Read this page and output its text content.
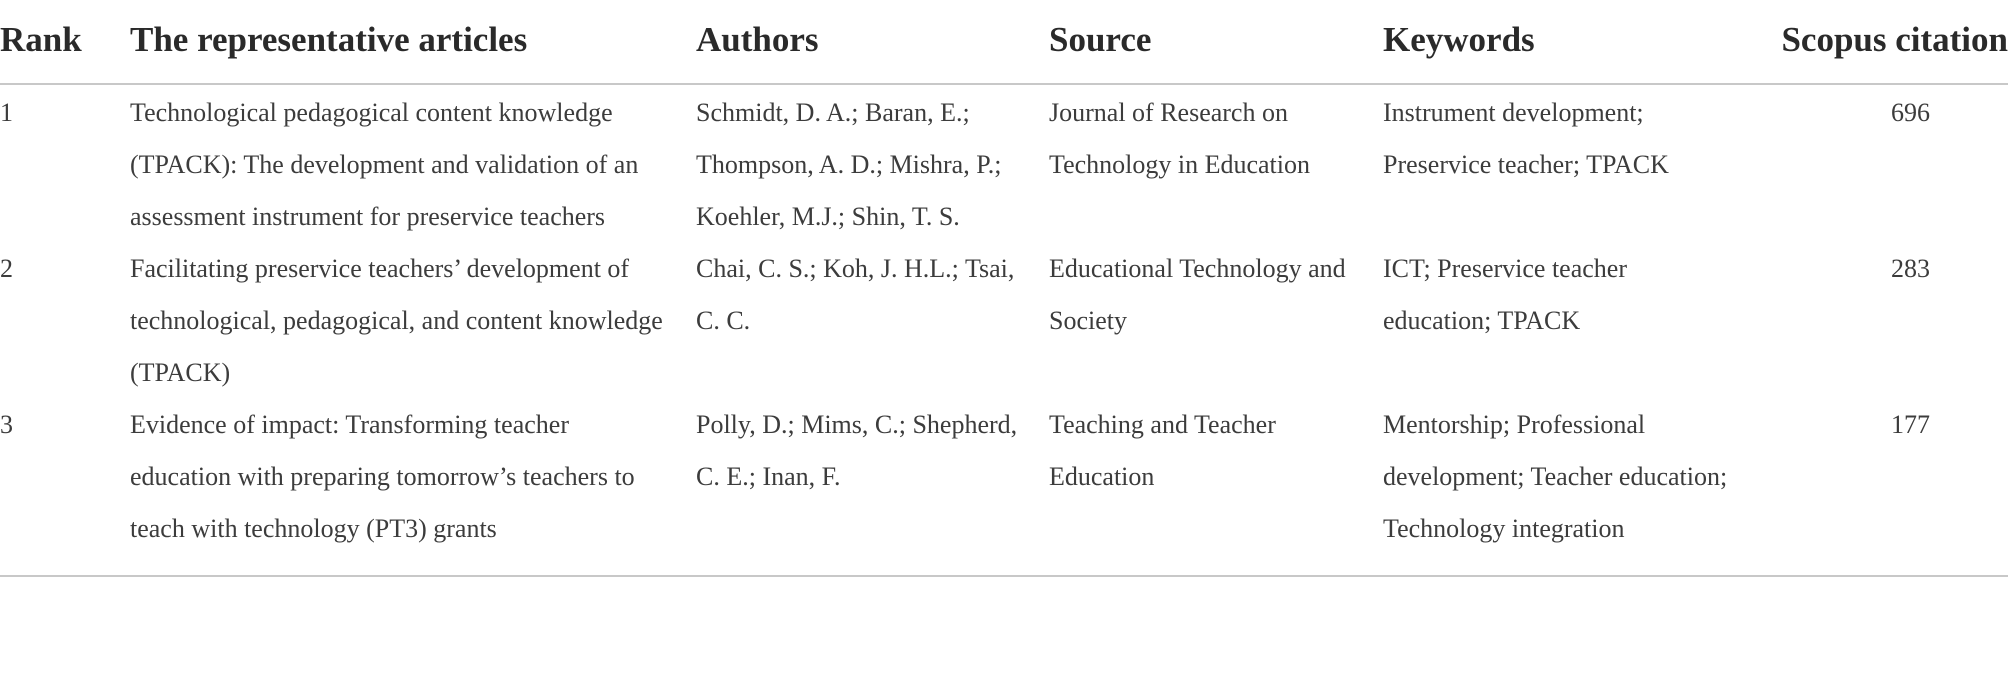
Rank	The representative articles	Authors	Source	Keywords	Scopus citation
1	Technological pedagogical content knowledge (TPACK): The development and validation of an assessment instrument for preservice teachers	Schmidt, D. A.; Baran, E.; Thompson, A. D.; Mishra, P.; Koehler, M.J.; Shin, T. S.	Journal of Research on Technology in Education	Instrument development; Preservice teacher; TPACK	696
2	Facilitating preservice teachers’ development of technological, pedagogical, and content knowledge (TPACK)	Chai, C. S.; Koh, J. H.L.; Tsai, C. C.	Educational Technology and Society	ICT; Preservice teacher education; TPACK	283
3	Evidence of impact: Transforming teacher education with preparing tomorrow’s teachers to teach with technology (PT3) grants	Polly, D.; Mims, C.; Shepherd, C. E.; Inan, F.	Teaching and Teacher Education	Mentorship; Professional development; Teacher education; Technology integration	177
